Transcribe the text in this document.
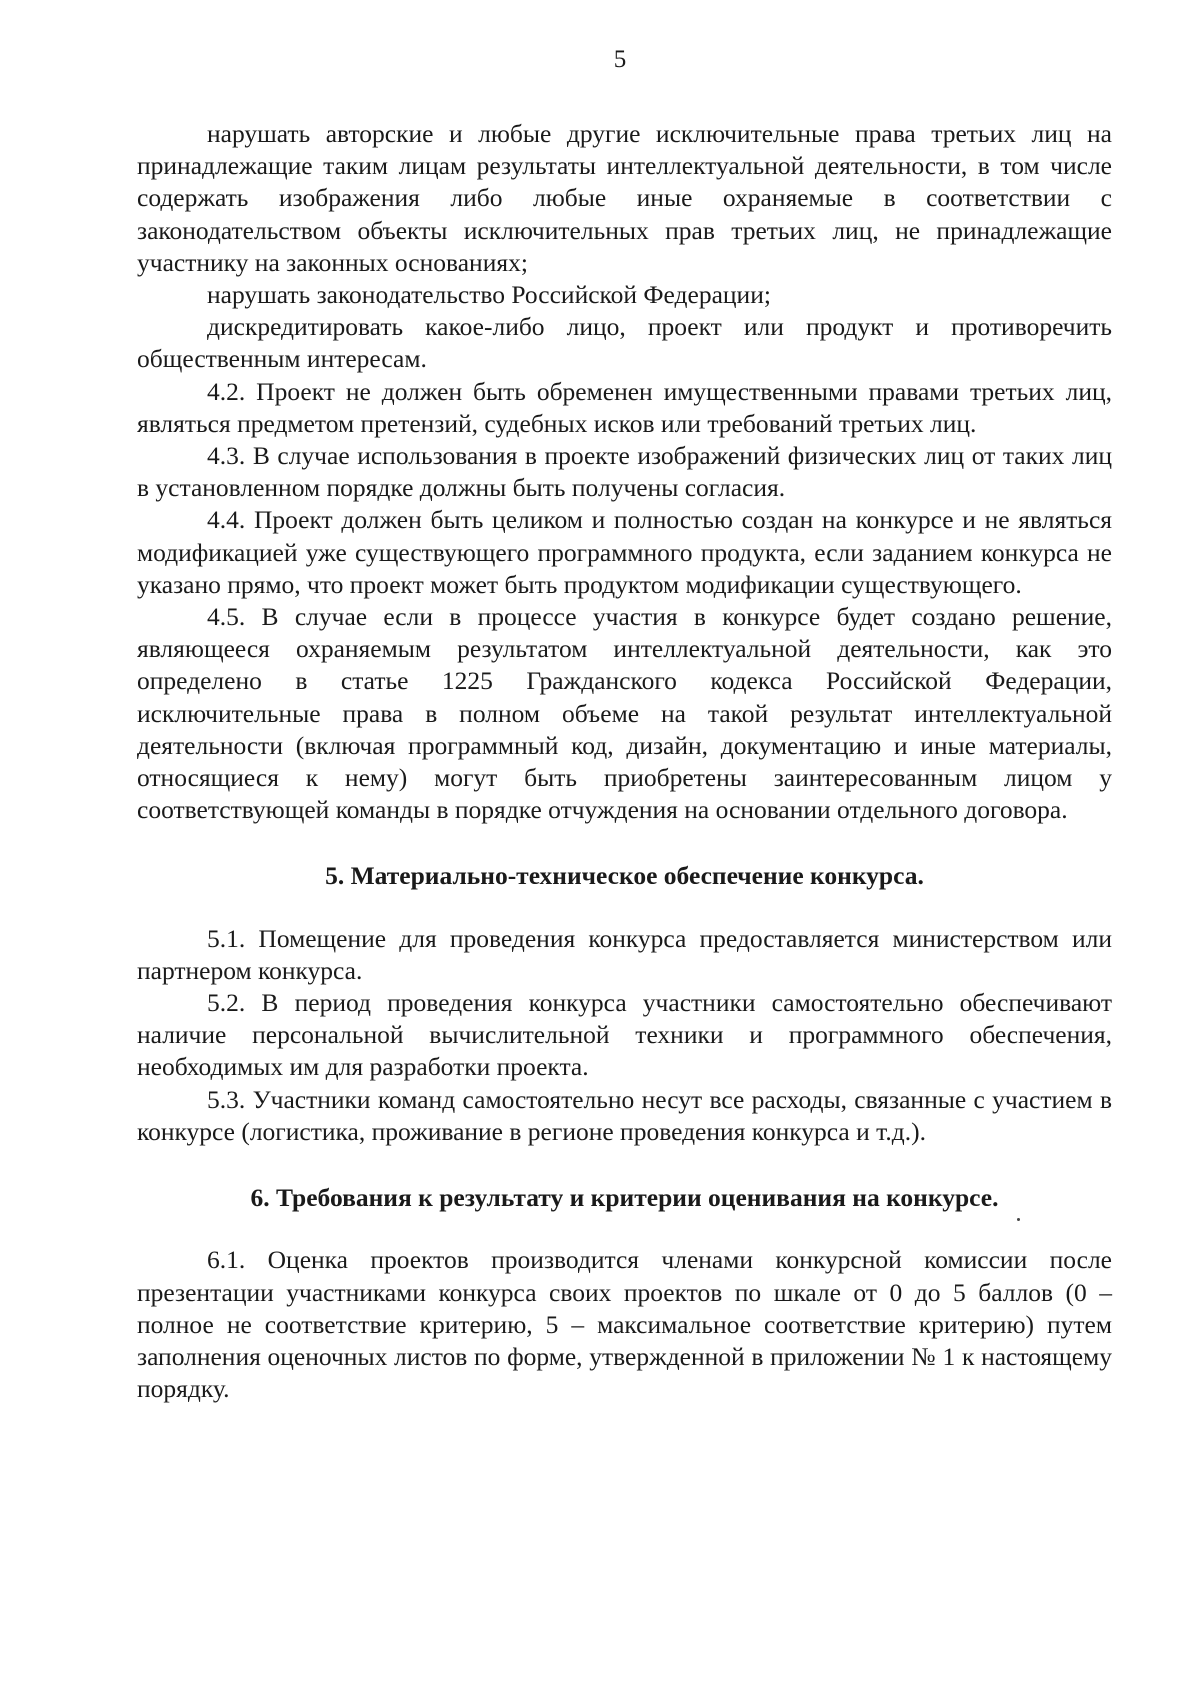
5

нарушать авторские и любые другие исключительные права третьих лиц на принадлежащие таким лицам результаты интеллектуальной деятельности, в том числе содержать изображения либо любые иные охраняемые в соответствии с законодательством объекты исключительных прав третьих лиц, не принадлежащие участнику на законных основаниях;

нарушать законодательство Российской Федерации;

дискредитировать какое-либо лицо, проект или продукт и противоречить общественным интересам.

4.2. Проект не должен быть обременен имущественными правами третьих лиц, являться предметом претензий, судебных исков или требований третьих лиц.

4.3. В случае использования в проекте изображений физических лиц от таких лиц в установленном порядке должны быть получены согласия.

4.4. Проект должен быть целиком и полностью создан на конкурсе и не являться модификацией уже существующего программного продукта, если заданием конкурса не указано прямо, что проект может быть продуктом модификации существующего.

4.5. В случае если в процессе участия в конкурсе будет создано решение, являющееся охраняемым результатом интеллектуальной деятельности, как это определено в статье 1225 Гражданского кодекса Российской Федерации, исключительные права в полном объеме на такой результат интеллектуальной деятельности (включая программный код, дизайн, документацию и иные материалы, относящиеся к нему) могут быть приобретены заинтересованным лицом у соответствующей команды в порядке отчуждения на основании отдельного договора.

5. Материально-техническое обеспечение конкурса.

5.1. Помещение для проведения конкурса предоставляется министерством или партнером конкурса.

5.2. В период проведения конкурса участники самостоятельно обеспечивают наличие персональной вычислительной техники и программного обеспечения, необходимых им для разработки проекта.

5.3. Участники команд самостоятельно несут все расходы, связанные с участием в конкурсе (логистика, проживание в регионе проведения конкурса и т.д.).

6. Требования к результату и критерии оценивания на конкурсе.

6.1. Оценка проектов производится членами конкурсной комиссии после презентации участниками конкурса своих проектов по шкале от 0 до 5 баллов (0 – полное не соответствие критерию, 5 – максимальное соответствие критерию) путем заполнения оценочных листов по форме, утвержденной в приложении № 1 к настоящему порядку.
